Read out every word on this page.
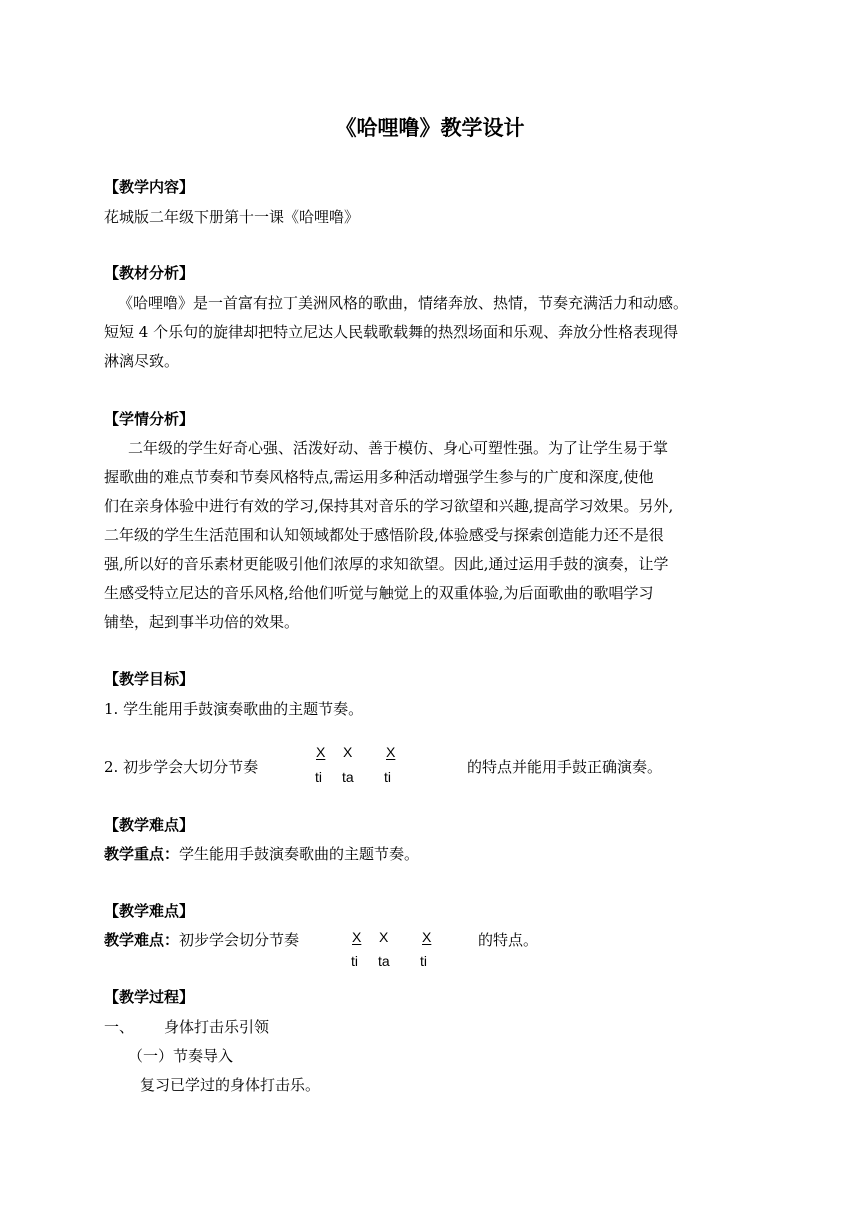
《哈哩噜》教学设计
【教学内容】
花城版二年级下册第十一课《哈哩噜》
【教材分析】
《哈哩噜》是一首富有拉丁美洲风格的歌曲，情绪奔放、热情，节奏充满活力和动感。
短短 4 个乐句的旋律却把特立尼达人民载歌载舞的热烈场面和乐观、奔放分性格表现得
淋漓尽致。
【学情分析】
二年级的学生好奇心强、活泼好动、善于模仿、身心可塑性强。为了让学生易于掌
握歌曲的难点节奏和节奏风格特点,需运用多种活动增强学生参与的广度和深度,使他
们在亲身体验中进行有效的学习,保持其对音乐的学习欲望和兴趣,提高学习效果。另外,
二年级的学生生活范围和认知领域都处于感悟阶段,体验感受与探索创造能力还不是很
强,所以好的音乐素材更能吸引他们浓厚的求知欲望。因此,通过运用手鼓的演奏，让学
生感受特立尼达的音乐风格,给他们听觉与触觉上的双重体验,为后面歌曲的歌唱学习
铺垫，起到事半功倍的效果。
【教学目标】
1. 学生能用手鼓演奏歌曲的主题节奏。
2. 初步学会大切分节奏
X X X
ti ta ti
的特点并能用手鼓正确演奏。
【教学难点】
教学重点：学生能用手鼓演奏歌曲的主题节奏。
【教学难点】
教学难点：初步学会切分节奏	X X X
ti ta ti
的特点。
【教学过程】
一、 身体打击乐引领
（一）节奏导入
复习已学过的身体打击乐。
